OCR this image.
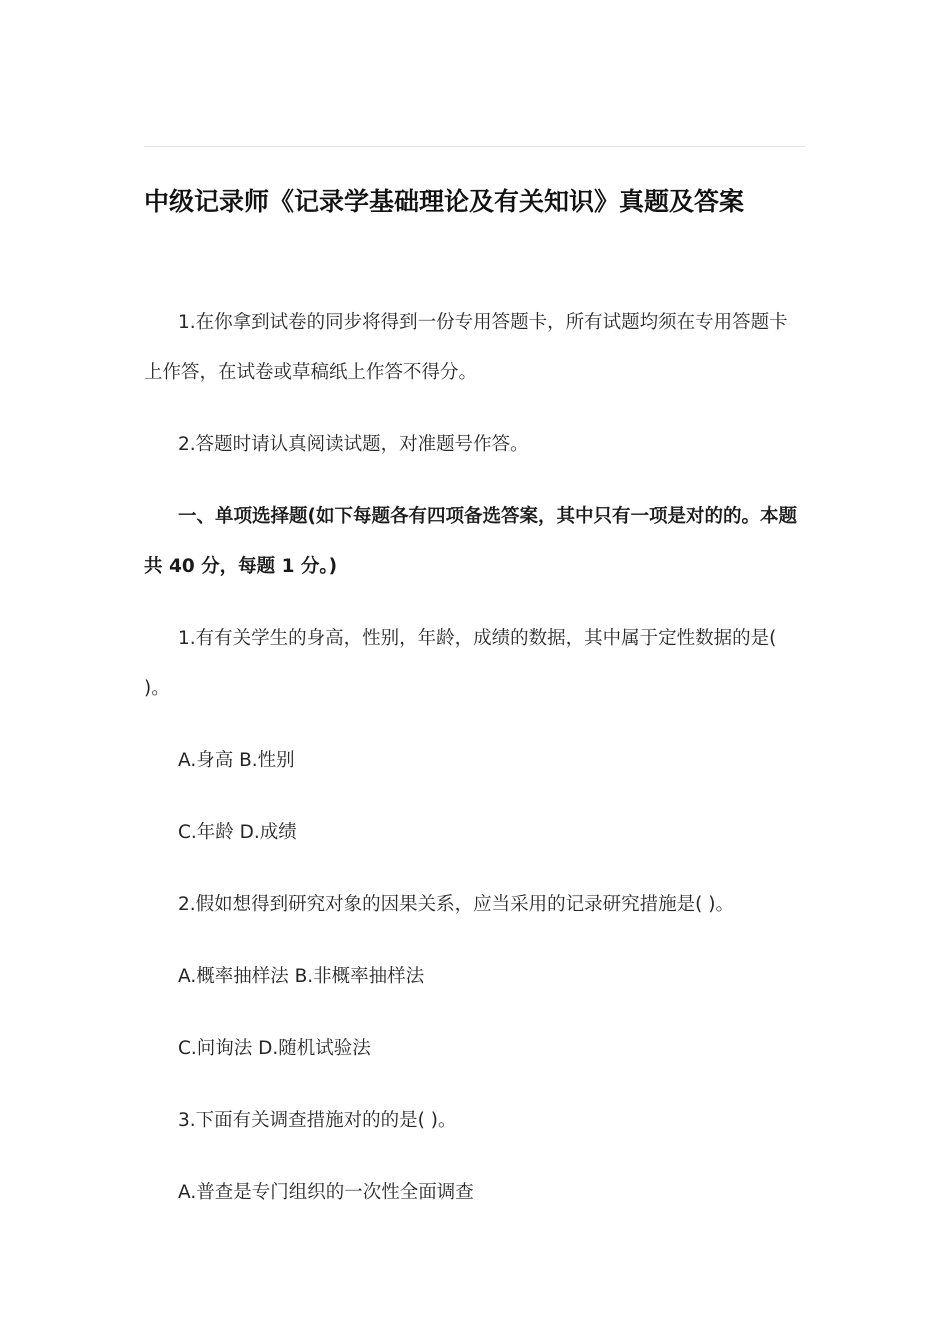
中级记录师《记录学基础理论及有关知识》真题及答案

1.在你拿到试卷的同步将得到一份专用答题卡，所有试题均须在专用答题卡上作答，在试卷或草稿纸上作答不得分。

2.答题时请认真阅读试题，对准题号作答。

一、单项选择题(如下每题各有四项备选答案，其中只有一项是对的的。本题共 40 分，每题 1 分。)

1.有有关学生的身高，性别，年龄，成绩的数据，其中属于定性数据的是( )。

A.身高 B.性别

C.年龄 D.成绩

2.假如想得到研究对象的因果关系，应当采用的记录研究措施是( )。

A.概率抽样法 B.非概率抽样法

C.问询法 D.随机试验法

3.下面有关调查措施对的的是( )。

A.普查是专门组织的一次性全面调查
